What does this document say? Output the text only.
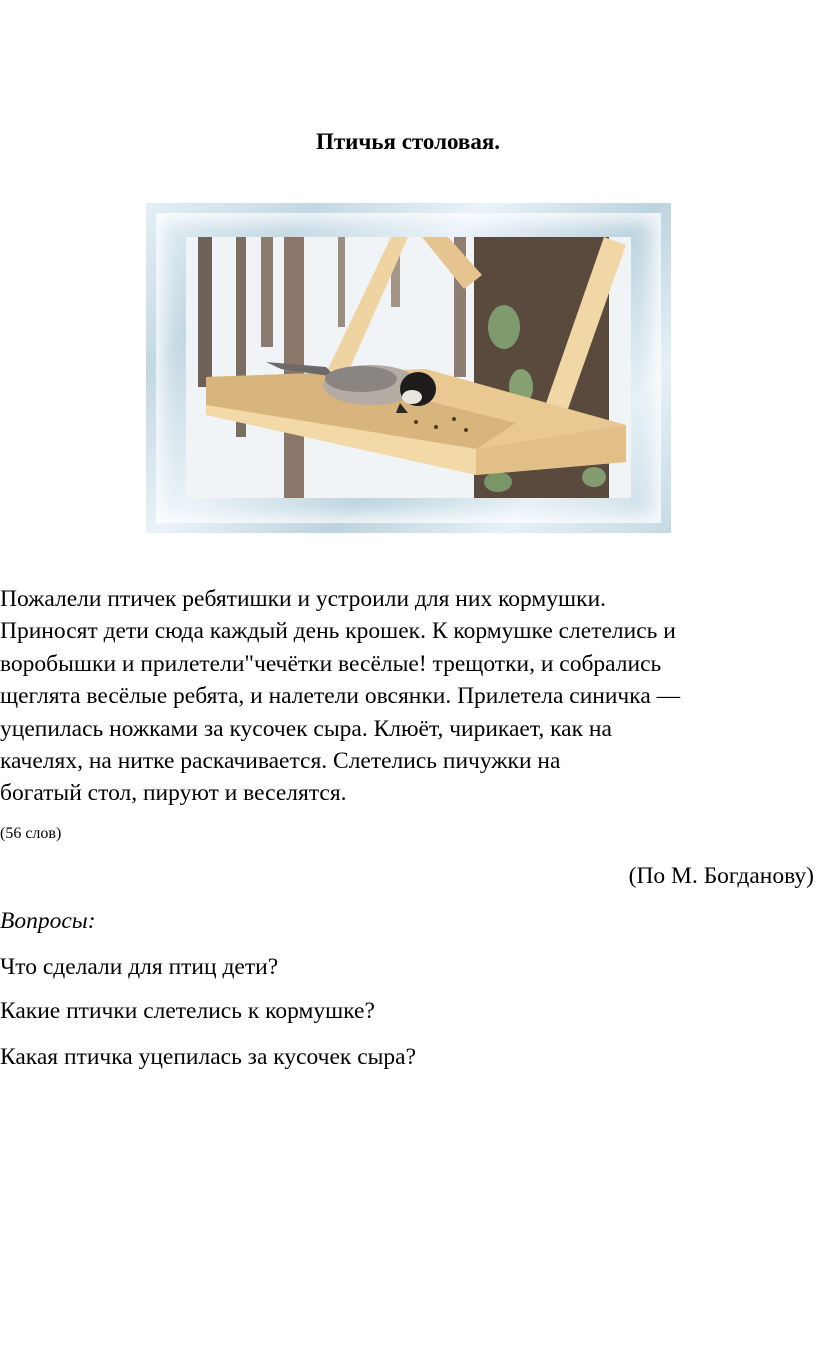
Птичья столовая.
Пожалели птичек ребятишки и устроили для них кормушки.
Приносят дети сюда каждый день крошек. К кормушке слетелись и
воробышки и прилетели"чечётки весёлые! трещотки, и собрались
щеглята весёлые ребята, и налетели овсянки. Прилетела синичка —
уцепилась ножками за кусочек сыра. Клюёт, чирикает, как на
качелях, на нитке раскачивается. Слетелись пичужки на
богатый стол, пируют и веселятся.
(56 слов)
(По М. Богданову)
Вопросы:
Что сделали для птиц дети?
Какие птички слетелись к кормушке?
Какая птичка уцепилась за кусочек сыра?
